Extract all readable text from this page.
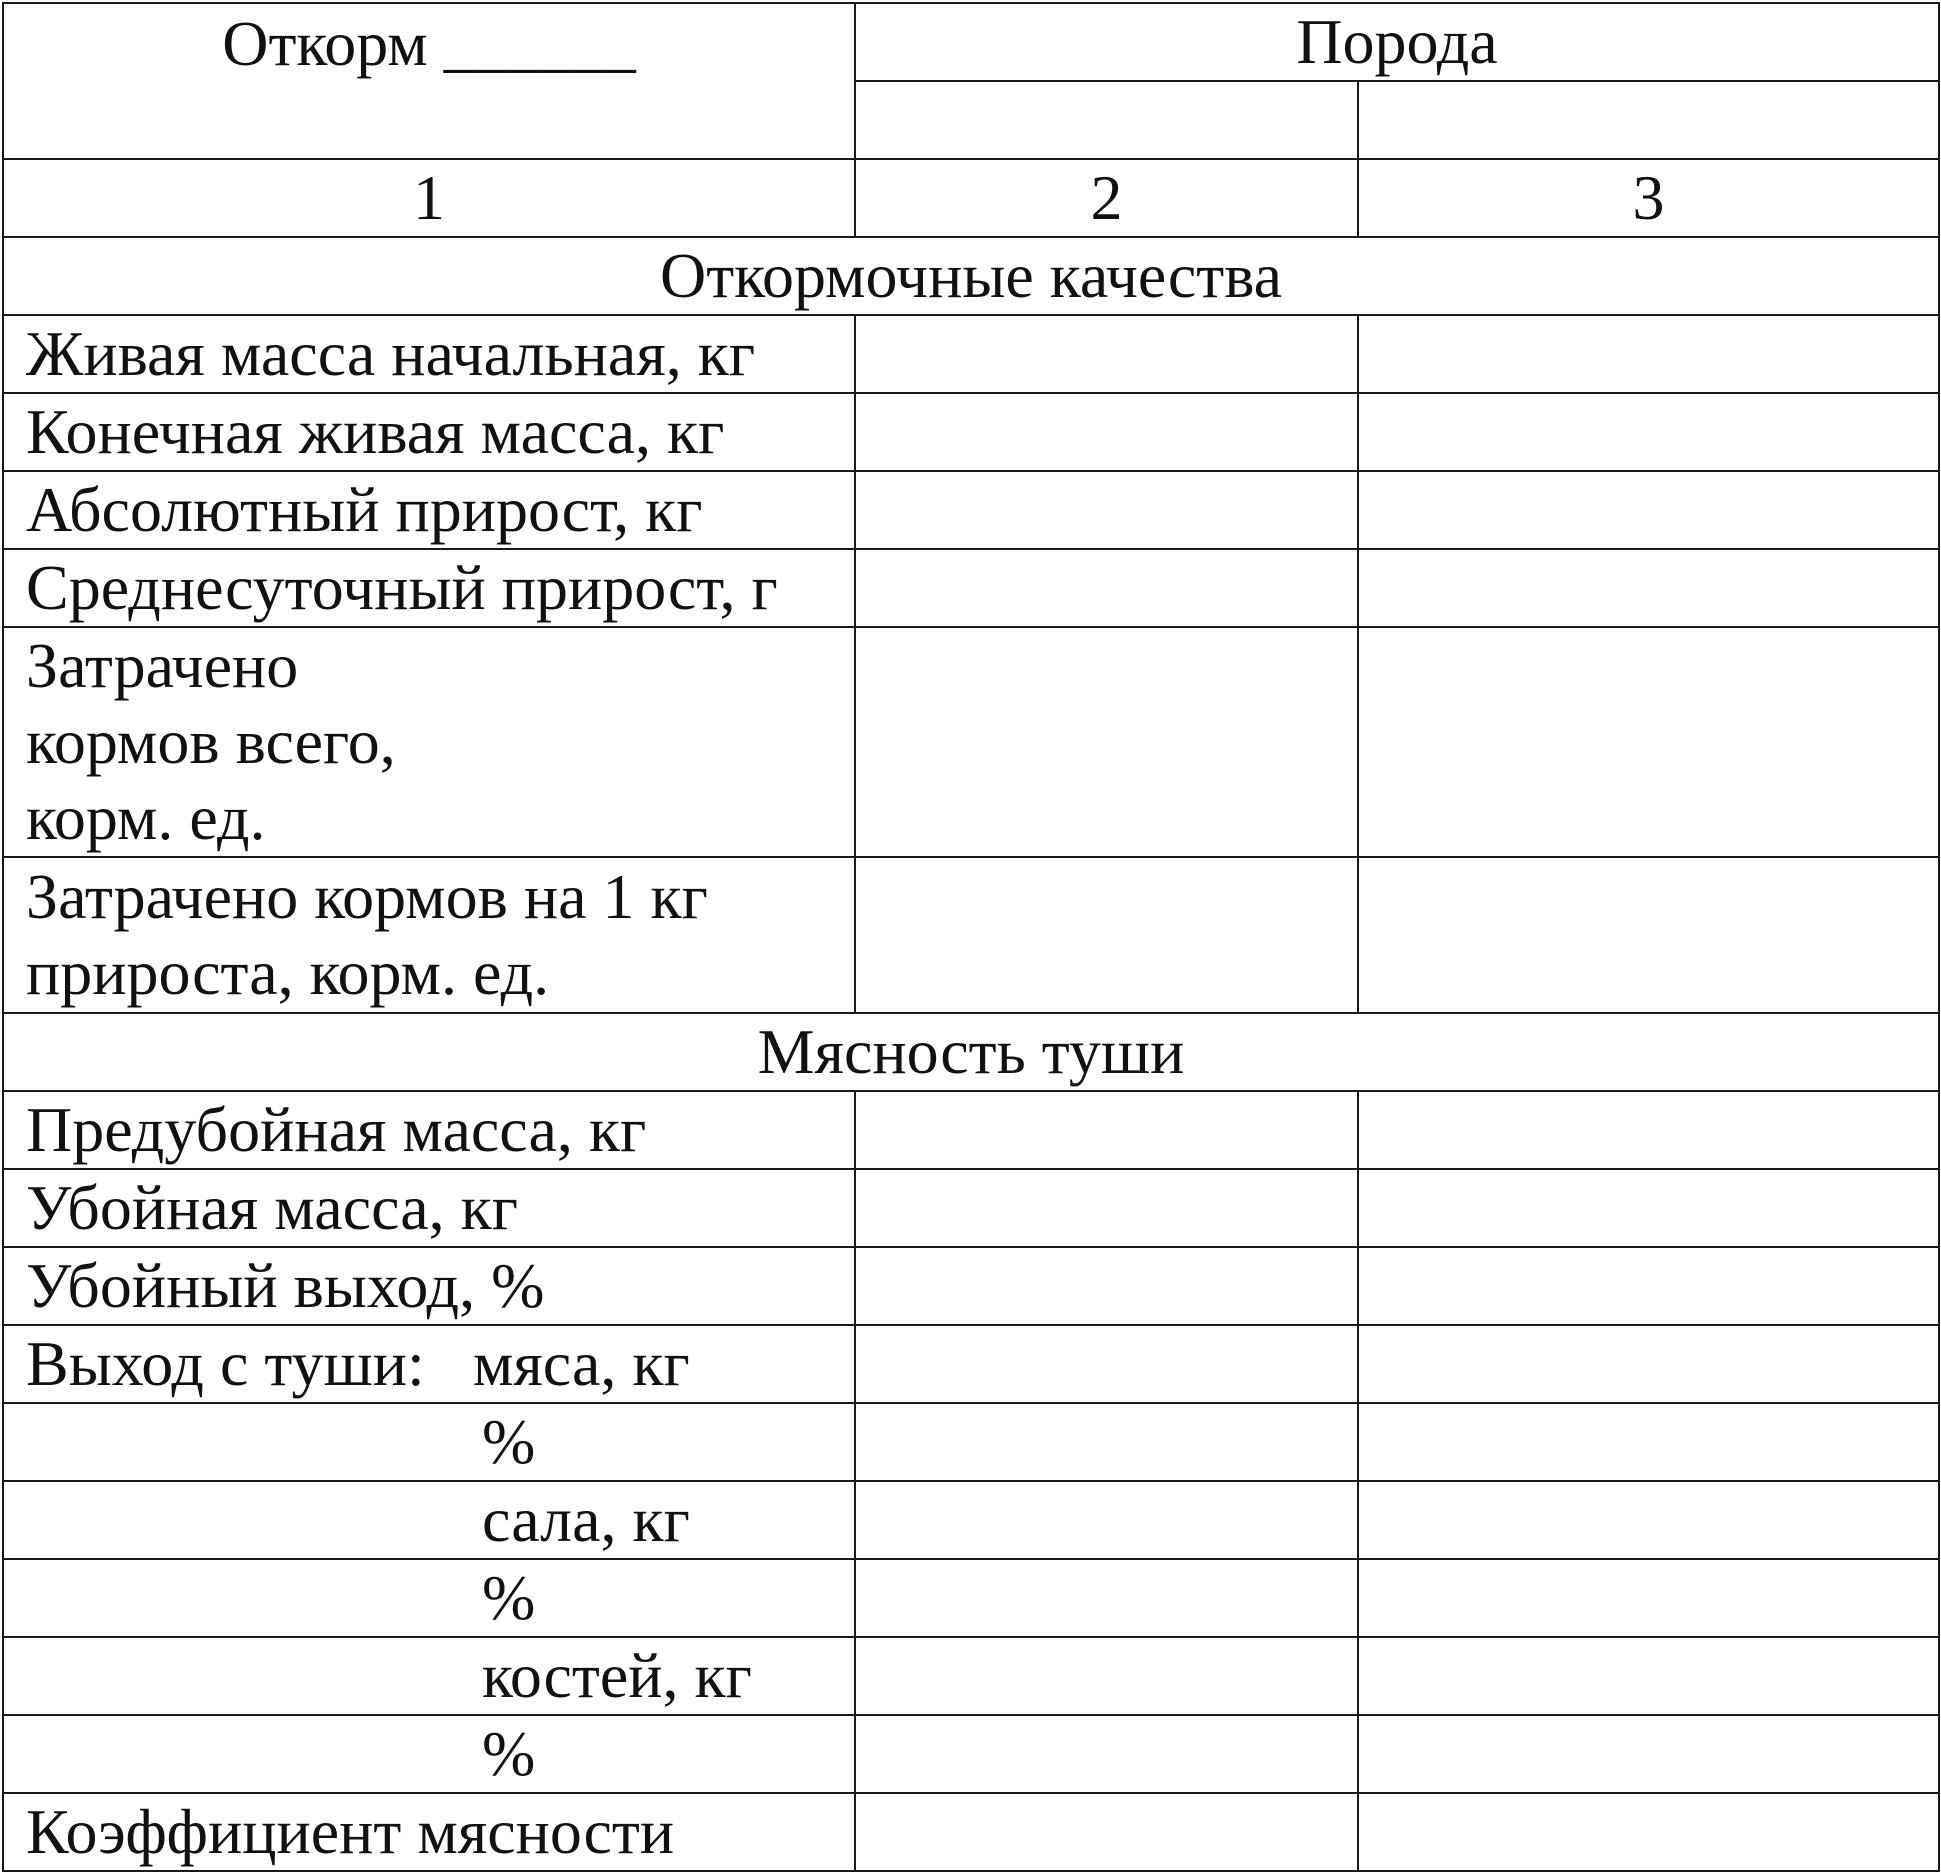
Откорм ______	Порода	

1	2	3
Откормочные качества		
Живая масса начальная, кг		
Конечная живая масса, кг		
Абсолютный прирост, кг		
Среднесуточный прирост, г		

Затрачено кормов всего, корм. ед.		

Затрачено кормов на 1 кг прироста, корм. ед.		

Мясность туши		
Предубойная масса, кг		
Убойная масса, кг		
Убойный выход, %		
Выход с туши:   мяса, кг		
%		
сала, кг		
%		
костей, кг		
%		
Коэффициент мясности		
